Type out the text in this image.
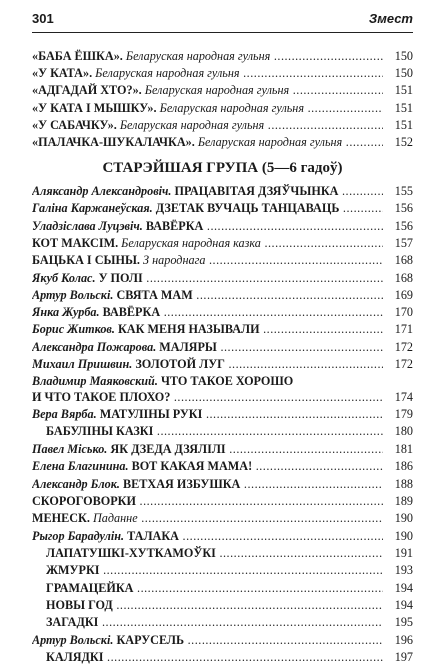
301	Змест
СТАРЭЙШАЯ ГРУПА (5—6 гадоў)
«БАБА ЁШКА». Беларуская народная гульня .....	150
«У КАТА». Беларуская народная гульня .....	150
«АДГАДАЙ ХТО?». Беларуская народная гульня .....	151
«У КАТА І МЫШКУ». Беларуская народная гульня .....	151
«У САБАЧКУ». Беларуская народная гульня .....	151
«ПАЛАЧКА-ШУКАЛАЧКА». Беларуская народная гульня .....	152
Аляксандр Александровіч. ПРАЦАВІТАЯ ДЗЯЎЧЫНКА .....	155
Галіна Каржанеўская. ДЗЕТАК ВУЧАЦЬ ТАНЦАВАЦЬ .....	156
Уладзіслава Луцэвіч. ВАВЁРКА .....	156
КОТ МАКСІМ. Беларуская народная казка .....	157
БАЦЬКА І СЫНЫ. З народнага .....	168
Якуб Колас. У ПОЛІ .....	168
Артур Вольскі. СВЯТА МАМ .....	169
Янка Журба. ВАВЁРКА .....	170
Борис Житков. КАК МЕНЯ НАЗЫВАЛИ .....	171
Александра Пожарова. МАЛЯРЫ .....	172
Михаил Пришвин. ЗОЛОТОЙ ЛУГ .....	172
Владимир Маяковский. ЧТО ТАКОЕ ХОРОШО
И ЧТО ТАКОЕ ПЛОХО? .....	174
Вера Вярба. МАТУЛІНЫ РУКІ .....	179
БАБУЛІНЫ КАЗКІ .....	180
Павел Місько. ЯК ДЗЕДА ДЗЯЛІЛІ .....	181
Елена Благинина. ВОТ КАКАЯ МАМА! .....	186
Александр Блок. ВЕТХАЯ ИЗБУШКА .....	188
СКОРОГОВОРКИ .....	189
МЕНЕСК. Паданне .....	190
Рыгор Барадулін. ТАЛАКА .....	190
ЛАПАТУШКІ-ХУТКАМОЎКІ .....	191
ЖМУРКІ .....	193
ГРАМАЦЕЙКА .....	194
НОВЫ ГОД .....	194
ЗАГАДКІ .....	195
Артур Вольскі. КАРУСЕЛЬ .....	196
КАЛЯДКІ .....	197
